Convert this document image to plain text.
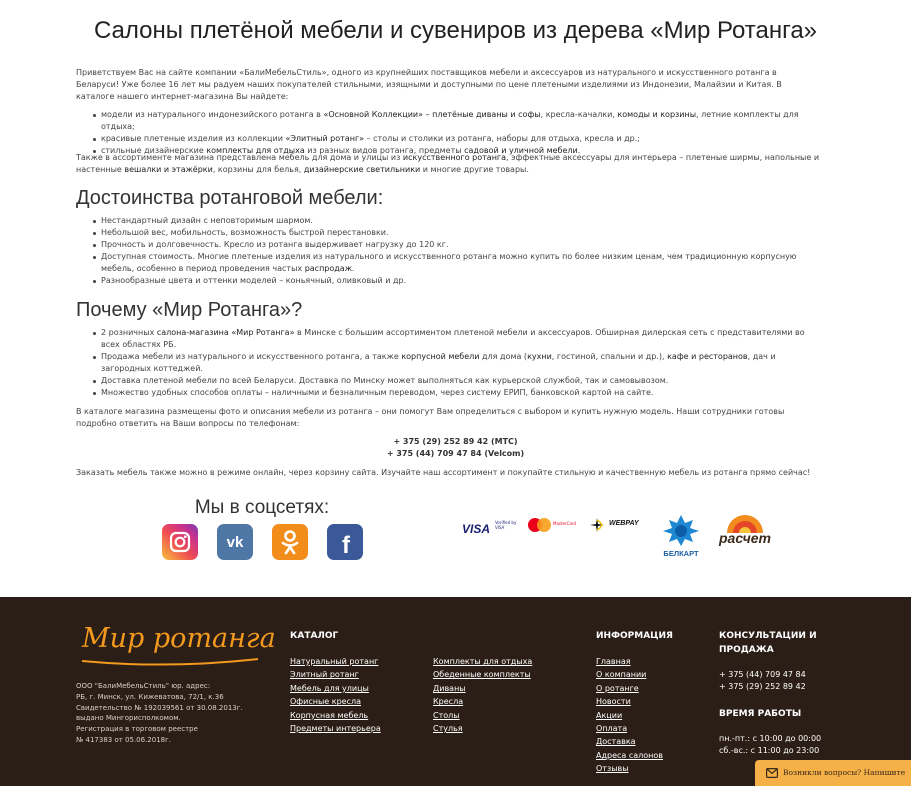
Салоны плетёной мебели и сувениров из дерева «Мир Ротанга»

Приветствуем Вас на сайте компании «БалиМебельСтиль», одного из крупнейших поставщиков мебели и аксессуаров из натурального и искусственного ротанга в Беларуси! Уже более 16 лет мы радуем наших покупателей стильными, изящными и доступными по цене плетеными изделиями из Индонезии, Малайзии и Китая. В каталоге нашего интернет-магазина Вы найдете:

модели из натурального индонезийского ротанга в «Основной Коллекции» – плетёные диваны и софы, кресла-качалки, комоды и корзины, летние комплекты для отдыха;
красивые плетеные изделия из коллекции «Элитный ротанг» – столы и столики из ротанга, наборы для отдыха, кресла и др.;
стильные дизайнерские комплекты для отдыха из разных видов ротанга, предметы садовой и уличной мебели.

Также в ассортименте магазина представлена мебель для дома и улицы из искусственного ротанга, эффектные аксессуары для интерьера – плетеные ширмы, напольные и настенные вешалки и этажёрки, корзины для белья, дизайнерские светильники и многие другие товары.

Достоинства ротанговой мебели:
Нестандартный дизайн с неповторимым шармом.
Небольшой вес, мобильность, возможность быстрой перестановки.
Прочность и долговечность. Кресло из ротанга выдерживает нагрузку до 120 кг.
Доступная стоимость. Многие плетеные изделия из натурального и искусственного ротанга можно купить по более низким ценам, чем традиционную корпусную мебель, особенно в период проведения частых распродаж.
Разнообразные цвета и оттенки моделей – коньячный, оливковый и др.
Почему «Мир Ротанга»?
2 розничных салона-магазина «Мир Ротанга» в Минске с большим ассортиментом плетеной мебели и аксессуаров. Обширная дилерская сеть с представителями во всех областях РБ.
Продажа мебели из натурального и искусственного ротанга, а также корпусной мебели для дома (кухни, гостиной, спальни и др.), кафе и ресторанов, дач и загородных коттеджей.
Доставка плетеной мебели по всей Беларуси. Доставка по Минску может выполняться как курьерской службой, так и самовывозом.
Множество удобных способов оплаты – наличными и безналичным переводом, через систему ЕРИП, банковской картой на сайте.

В каталоге магазина размещены фото и описания мебели из ротанга – они помогут Вам определиться с выбором и купить нужную модель. Наши сотрудники готовы подробно ответить на Ваши вопросы по телефонам:

+ 375 (29) 252 89 42 (МТС)
+ 375 (44) 709 47 84 (Velcom)

Заказать мебель также можно в режиме онлайн, через корзину сайта. Изучайте наш ассортимент и покупайте стильную и качественную мебель из ротанга прямо сейчас!

Мы в соцсетях:
vk	f
VISA Verified by VISA
MasterCard	WEBPAY
БЕЛКАРТ
расчет
Мир ротанга
ООО "БалиМебельСтиль" юр. адрес:
РБ, г. Минск, ул. Кижеватова, 72/1, к.36
Свидетельство № 192039561 от 30.08.2013г.
выдано Мингорисполкомом.
Регистрация в торговом реестре
№ 417383 от 05.06.2018г.
КАТАЛОГ
Натуральный ротанг
Элитный ротанг
Мебель для улицы
Офисные кресла
Корпусная мебель
Предметы интерьера
Комплекты для отдыха
Обеденные комплекты
Диваны
Кресла
Столы
Стулья
ИНФОРМАЦИЯ
Главная
О компании
О ротанге
Новости
Акции
Оплата
Доставка
Адреса салонов
Отзывы
КОНСУЛЬТАЦИИ И
ПРОДАЖА
+ 375 (44) 709 47 84
+ 375 (29) 252 89 42
ВРЕМЯ РАБОТЫ
пн.-пт.: с 10:00 до 00:00
сб.-вс.: с 11:00 до 23:00
Возникли вопросы? Напишите
